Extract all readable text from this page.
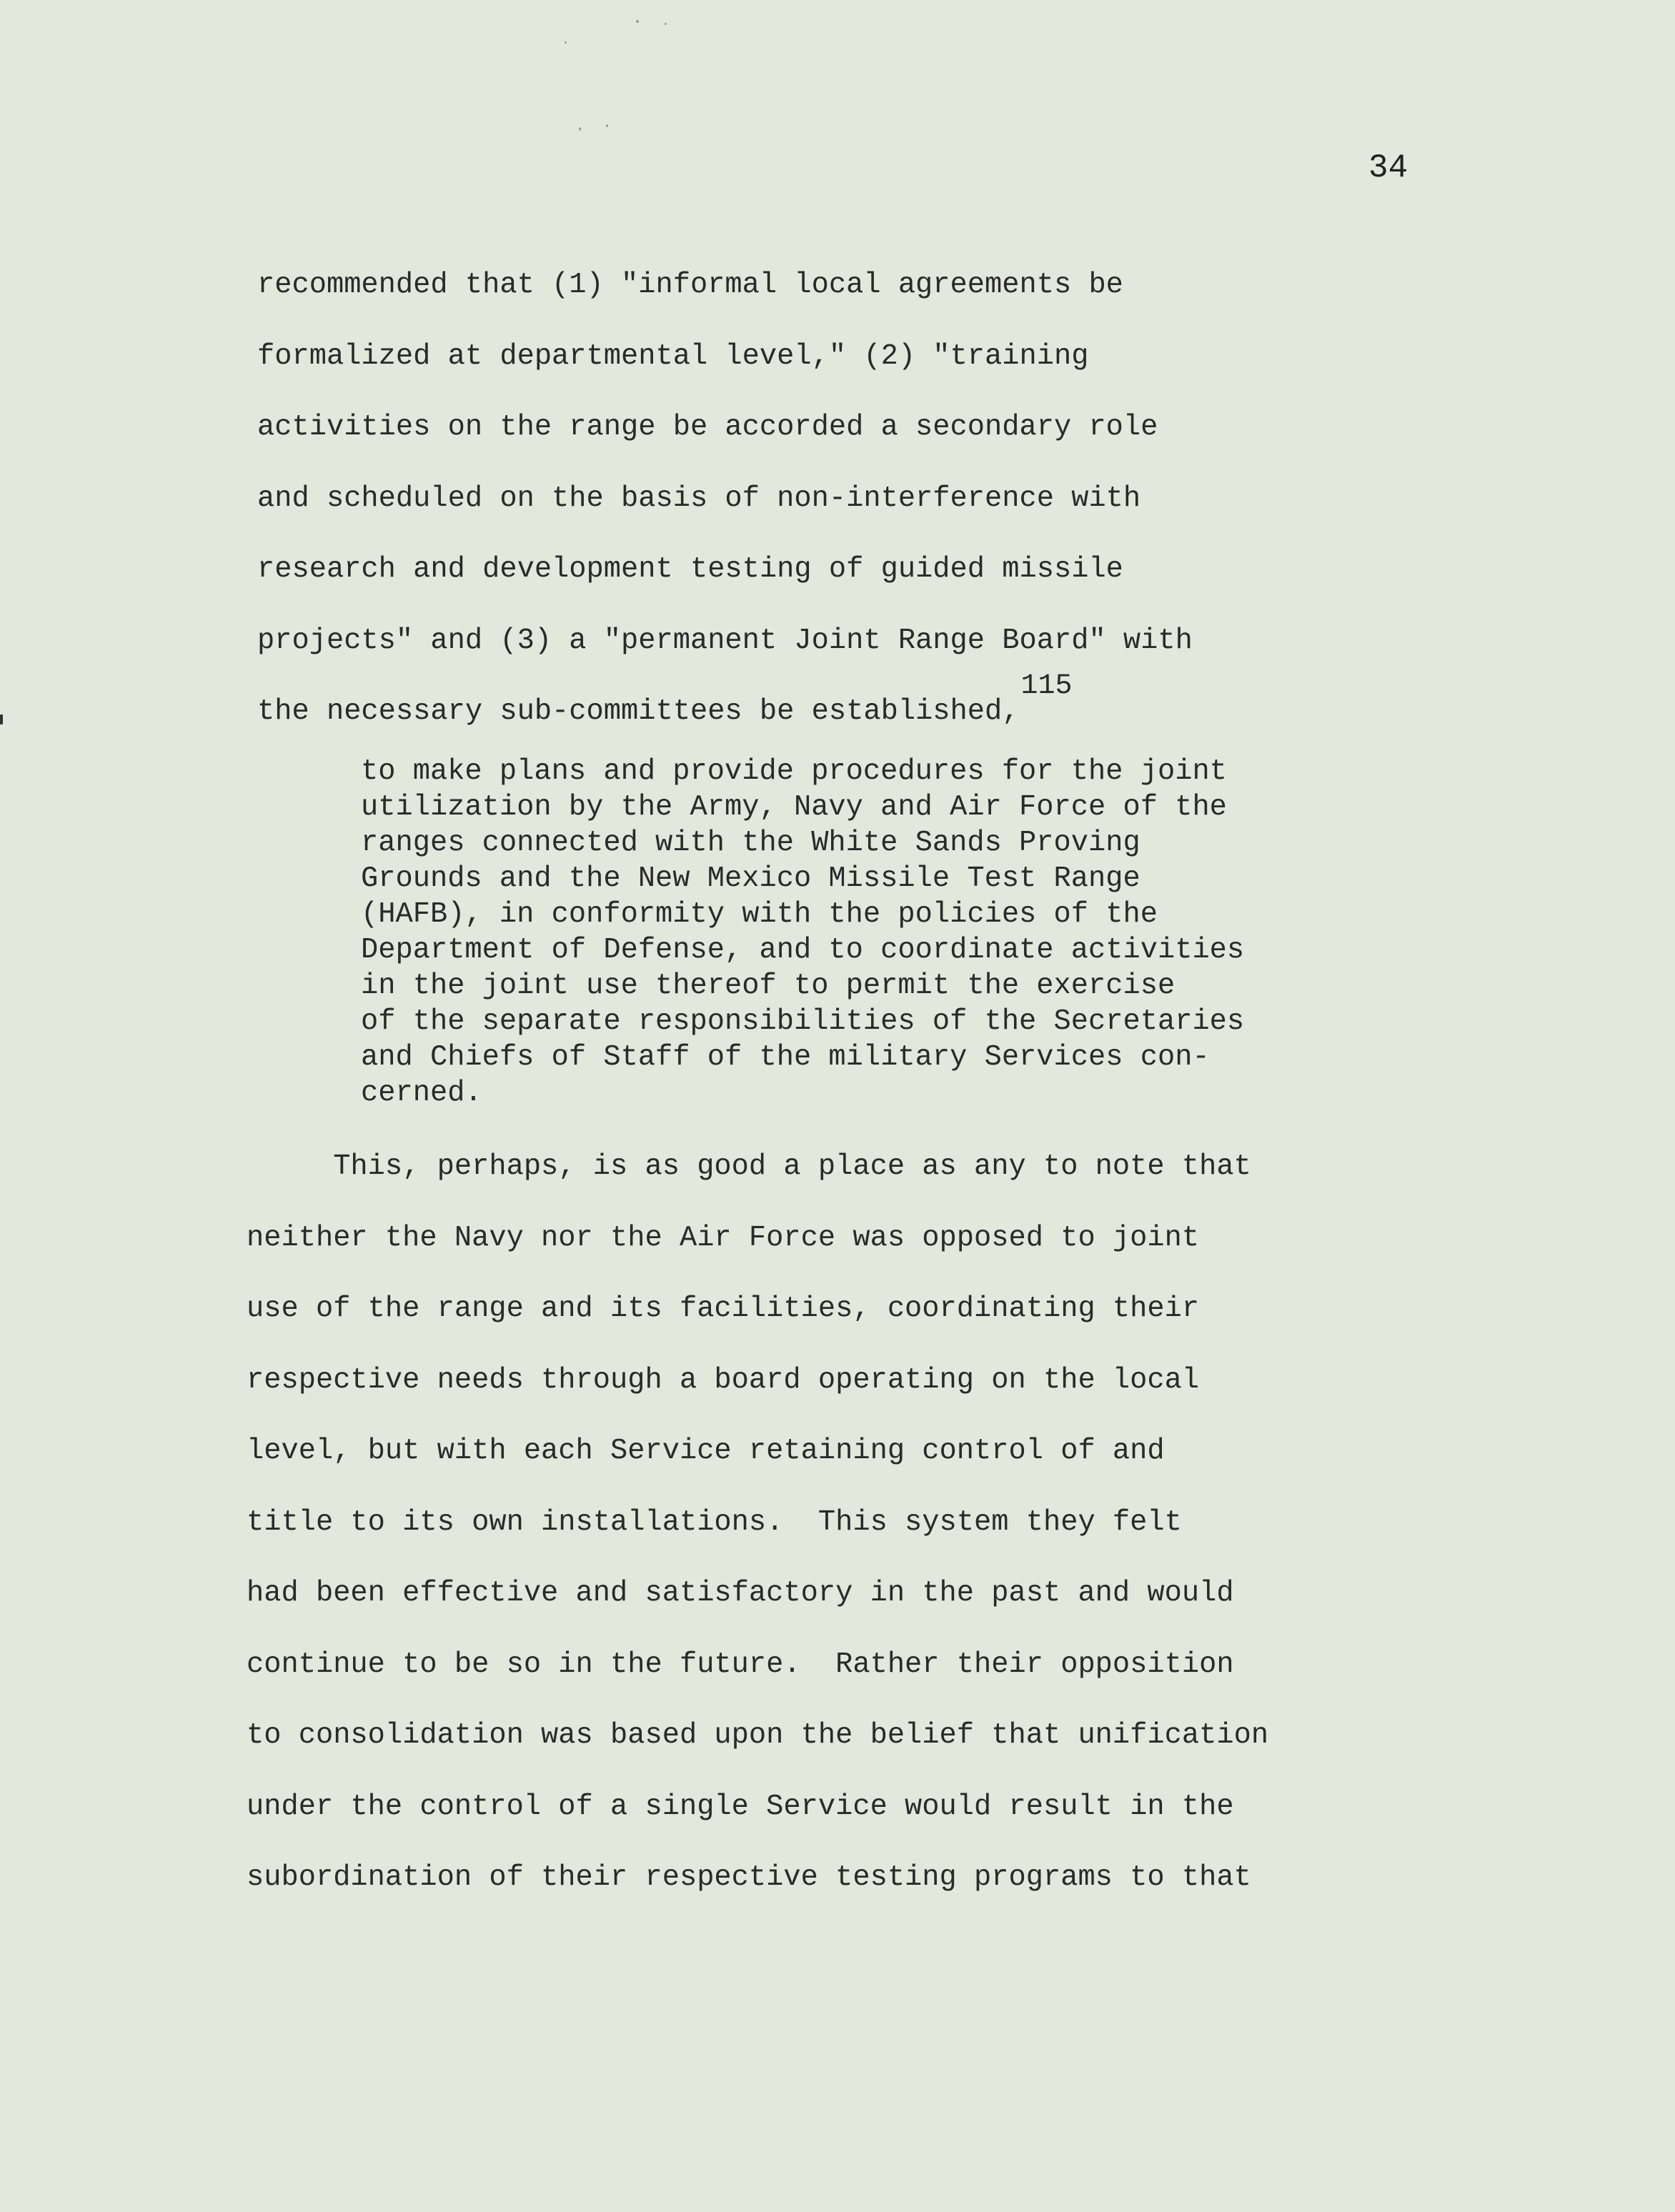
34
recommended that (1) "informal local agreements be
formalized at departmental level," (2) "training
activities on the range be accorded a secondary role
and scheduled on the basis of non-interference with
research and development testing of guided missile
projects" and (3) a "permanent Joint Range Board" with
the necessary sub-committees be established,115
to make plans and provide procedures for the joint
utilization by the Army, Navy and Air Force of the
ranges connected with the White Sands Proving
Grounds and the New Mexico Missile Test Range
(HAFB), in conformity with the policies of the
Department of Defense, and to coordinate activities
in the joint use thereof to permit the exercise
of the separate responsibilities of the Secretaries
and Chiefs of Staff of the military Services con-
cerned.
This, perhaps, is as good a place as any to note that
neither the Navy nor the Air Force was opposed to joint
use of the range and its facilities, coordinating their
respective needs through a board operating on the local
level, but with each Service retaining control of and
title to its own installations.  This system they felt
had been effective and satisfactory in the past and would
continue to be so in the future.  Rather their opposition
to consolidation was based upon the belief that unification
under the control of a single Service would result in the
subordination of their respective testing programs to that
